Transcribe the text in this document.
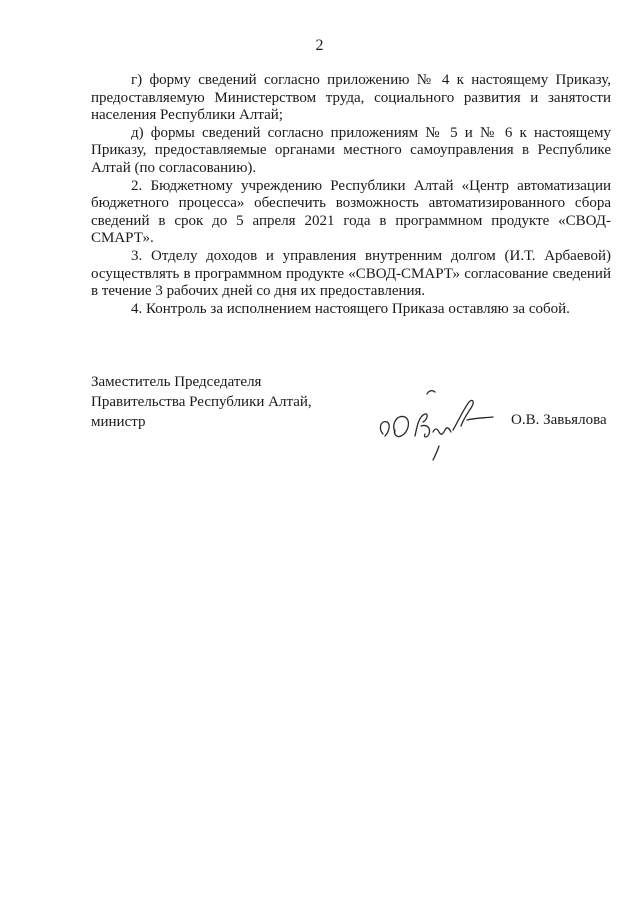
2

г) форму сведений согласно приложению № 4 к настоящему Приказу, предоставляемую Министерством труда, социального развития и занятости населения Республики Алтай;

д) формы сведений согласно приложениям № 5 и № 6 к настоящему Приказу, предоставляемые органами местного самоуправления в Республике Алтай (по согласованию).

2. Бюджетному учреждению Республики Алтай «Центр автоматизации бюджетного процесса» обеспечить возможность автоматизированного сбора сведений в срок до 5 апреля 2021 года в программном продукте «СВОД-СМАРТ».

3. Отделу доходов и управления внутренним долгом (И.Т. Арбаевой) осуществлять в программном продукте «СВОД-СМАРТ» согласование сведений в течение 3 рабочих дней со дня их предоставления.

4. Контроль за исполнением настоящего Приказа оставляю за собой.

Заместитель Председателя
Правительства Республики Алтай,
министр	О.В. Завьялова
